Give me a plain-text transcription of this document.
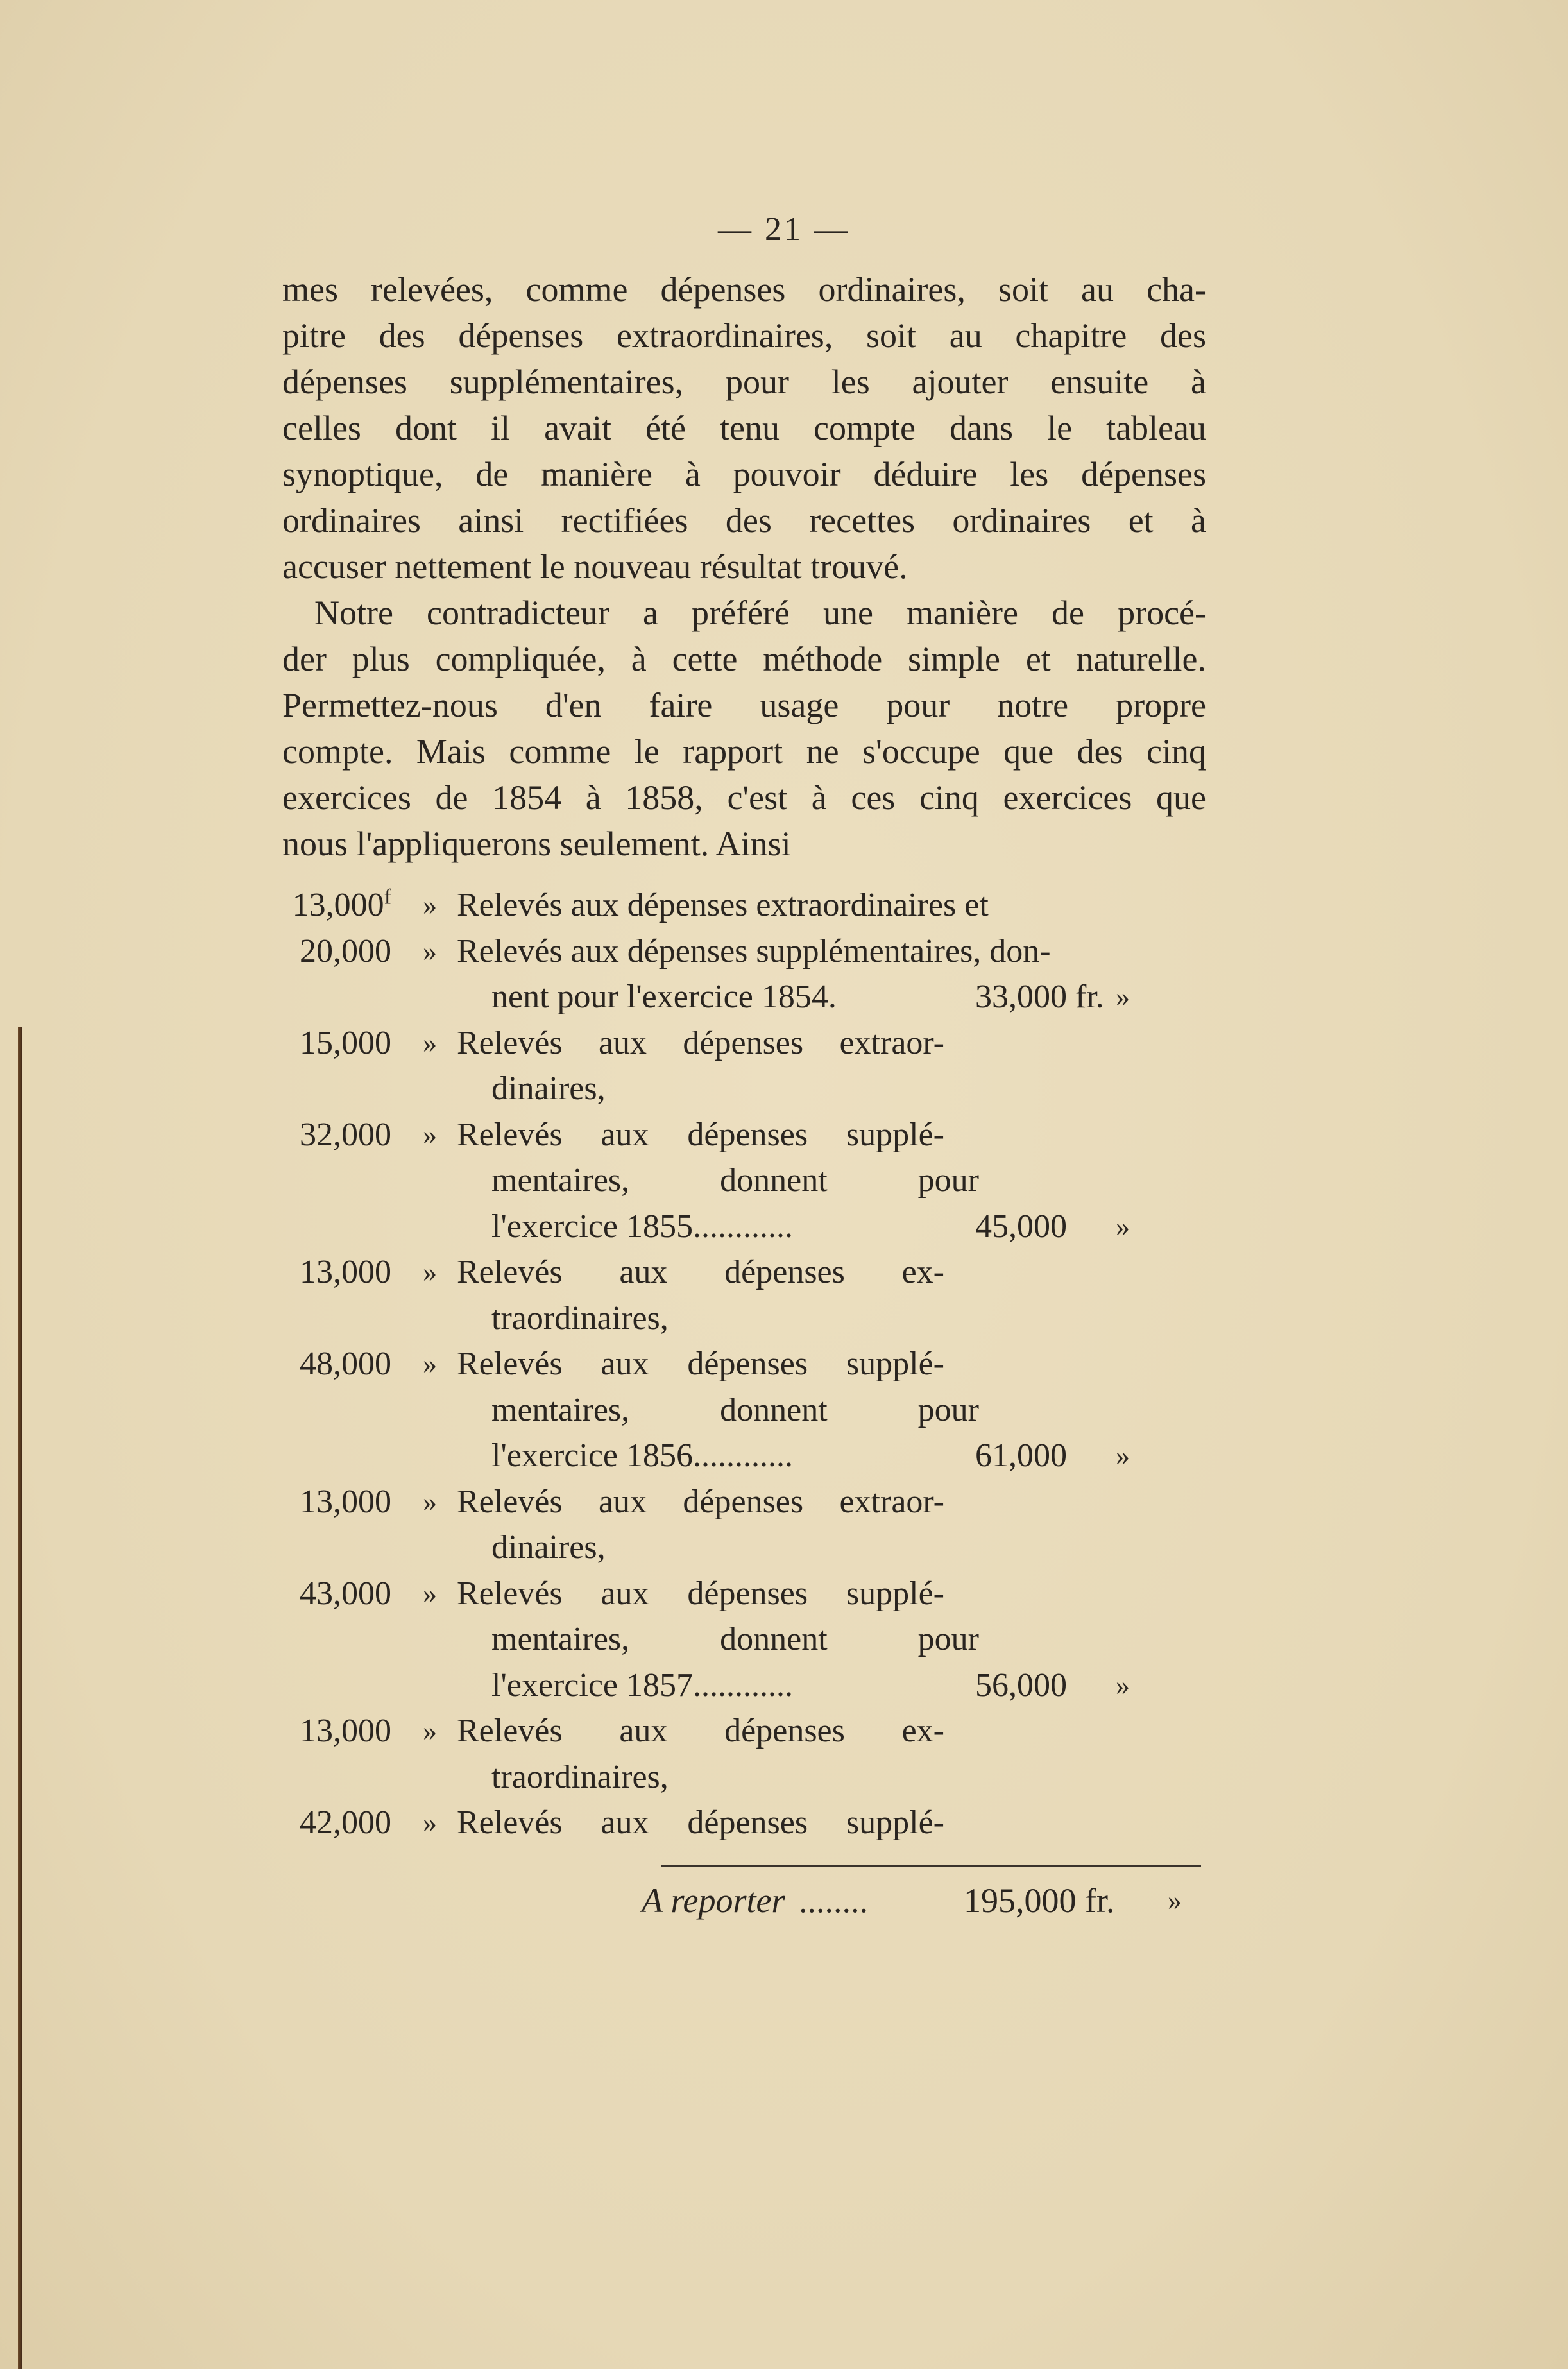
— 21 —

mes relevées, comme dépenses ordinaires, soit au cha-
pitre des dépenses extraordinaires, soit au chapitre des
dépenses supplémentaires, pour les ajouter ensuite à
celles dont il avait été tenu compte dans le tableau
synoptique, de manière à pouvoir déduire les dépenses
ordinaires ainsi rectifiées des recettes ordinaires et à
accuser nettement le nouveau résultat trouvé.

Notre contradicteur a préféré une manière de procé-
der plus compliquée, à cette méthode simple et naturelle.
Permettez-nous d'en faire usage pour notre propre
compte. Mais comme le rapport ne s'occupe que des cinq
exercices de 1854 à 1858, c'est à ces cinq exercices que
nous l'appliquerons seulement. Ainsi

13,000$^f$ » Relevés aux dépenses extraordinaires et
20,000 » Relevés aux dépenses supplémentaires, don-
nent pour l'exercice 1854.	33,000 fr. »
15,000 » Relevés aux dépenses extraor-
dinaires,
32,000 » Relevés aux dépenses supplé-
mentaires, donnent pour
l'exercice 1855............	45,000	»
13,000 » Relevés aux dépenses ex-
traordinaires,
48,000 » Relevés aux dépenses supplé-
mentaires, donnent pour
l'exercice 1856............	61,000	»
13,000 » Relevés aux dépenses extraor-
dinaires,
43,000 » Relevés aux dépenses supplé-
mentaires, donnent pour
l'exercice 1857............	56,000	»
13,000 » Relevés aux dépenses ex-
traordinaires,
42,000 » Relevés aux dépenses supplé-
A reporter ........	195,000 fr. »
